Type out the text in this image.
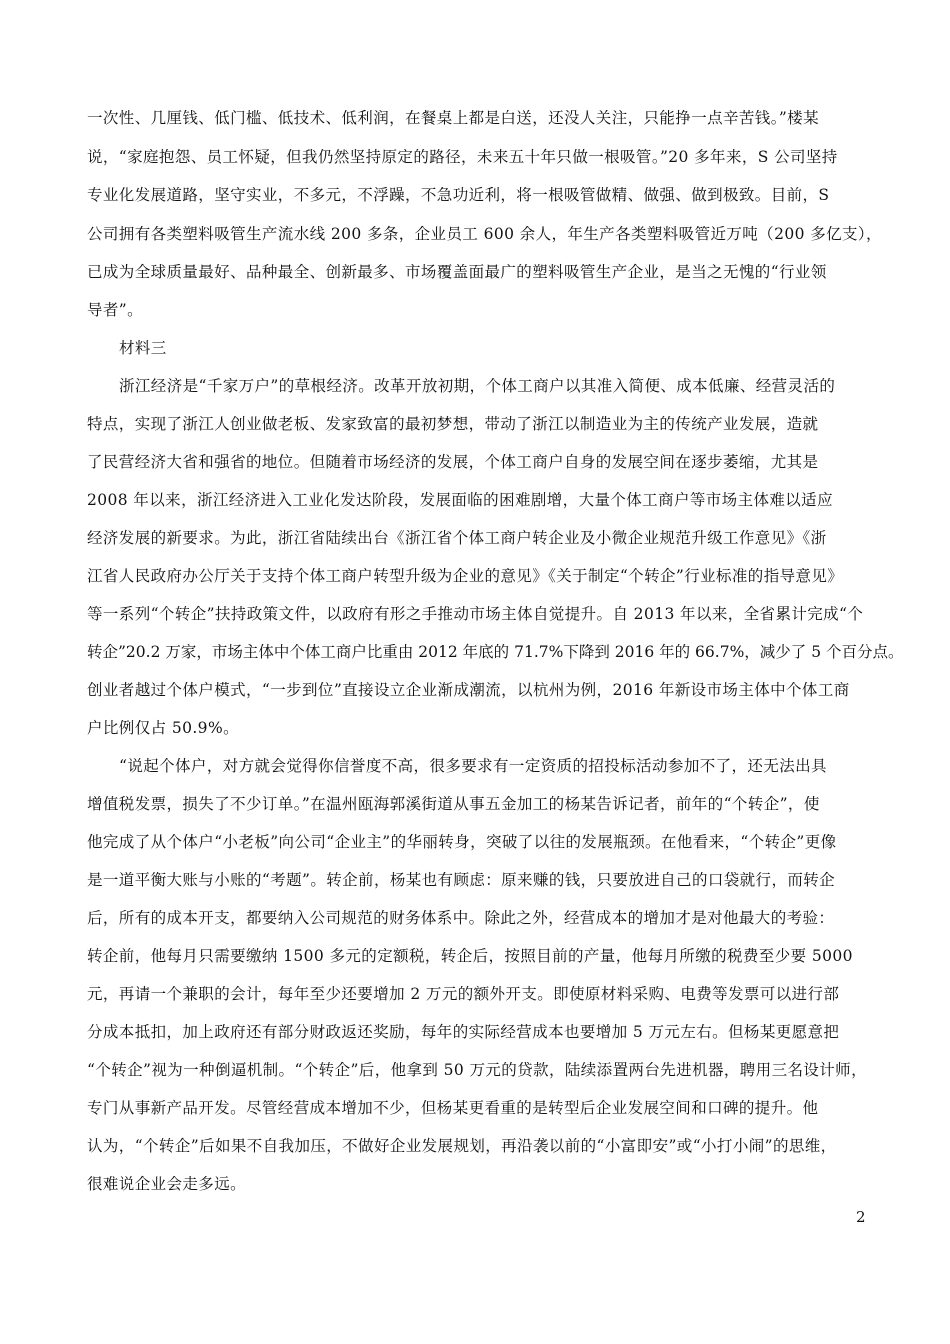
一次性、几厘钱、低门槛、低技术、低利润，在餐桌上都是白送，还没人关注，只能挣一点辛苦钱。”楼某
说，“家庭抱怨、员工怀疑，但我仍然坚持原定的路径，未来五十年只做一根吸管。”20 多年来，S 公司坚持
专业化发展道路，坚守实业，不多元，不浮躁，不急功近利，将一根吸管做精、做强、做到极致。目前，S
公司拥有各类塑料吸管生产流水线 200 多条，企业员工 600 余人，年生产各类塑料吸管近万吨（200 多亿支），
已成为全球质量最好、品种最全、创新最多、市场覆盖面最广的塑料吸管生产企业，是当之无愧的“行业领
导者”。
材料三
浙江经济是“千家万户”的草根经济。改革开放初期，个体工商户以其准入简便、成本低廉、经营灵活的
特点，实现了浙江人创业做老板、发家致富的最初梦想，带动了浙江以制造业为主的传统产业发展，造就
了民营经济大省和强省的地位。但随着市场经济的发展，个体工商户自身的发展空间在逐步萎缩，尤其是
2008 年以来，浙江经济进入工业化发达阶段，发展面临的困难剧增，大量个体工商户等市场主体难以适应
经济发展的新要求。为此，浙江省陆续出台《浙江省个体工商户转企业及小微企业规范升级工作意见》《浙
江省人民政府办公厅关于支持个体工商户转型升级为企业的意见》《关于制定“个转企”行业标准的指导意见》
等一系列“个转企”扶持政策文件，以政府有形之手推动市场主体自觉提升。自 2013 年以来，全省累计完成“个
转企”20.2 万家，市场主体中个体工商户比重由 2012 年底的 71.7%下降到 2016 年的 66.7%，减少了 5 个百分点。
创业者越过个体户模式，“一步到位”直接设立企业渐成潮流，以杭州为例，2016 年新设市场主体中个体工商
户比例仅占 50.9%。
“说起个体户，对方就会觉得你信誉度不高，很多要求有一定资质的招投标活动参加不了，还无法出具
增值税发票，损失了不少订单。”在温州瓯海郭溪街道从事五金加工的杨某告诉记者，前年的“个转企”，使
他完成了从个体户“小老板”向公司“企业主”的华丽转身，突破了以往的发展瓶颈。在他看来，“个转企”更像
是一道平衡大账与小账的“考题”。转企前，杨某也有顾虑：原来赚的钱，只要放进自己的口袋就行，而转企
后，所有的成本开支，都要纳入公司规范的财务体系中。除此之外，经营成本的增加才是对他最大的考验：
转企前，他每月只需要缴纳 1500 多元的定额税，转企后，按照目前的产量，他每月所缴的税费至少要 5000
元，再请一个兼职的会计，每年至少还要增加 2 万元的额外开支。即使原材料采购、电费等发票可以进行部
分成本抵扣，加上政府还有部分财政返还奖励，每年的实际经营成本也要增加 5 万元左右。但杨某更愿意把
“个转企”视为一种倒逼机制。“个转企”后，他拿到 50 万元的贷款，陆续添置两台先进机器，聘用三名设计师，
专门从事新产品开发。尽管经营成本增加不少，但杨某更看重的是转型后企业发展空间和口碑的提升。他
认为，“个转企”后如果不自我加压，不做好企业发展规划，再沿袭以前的“小富即安”或“小打小闹”的思维，
很难说企业会走多远。
2
